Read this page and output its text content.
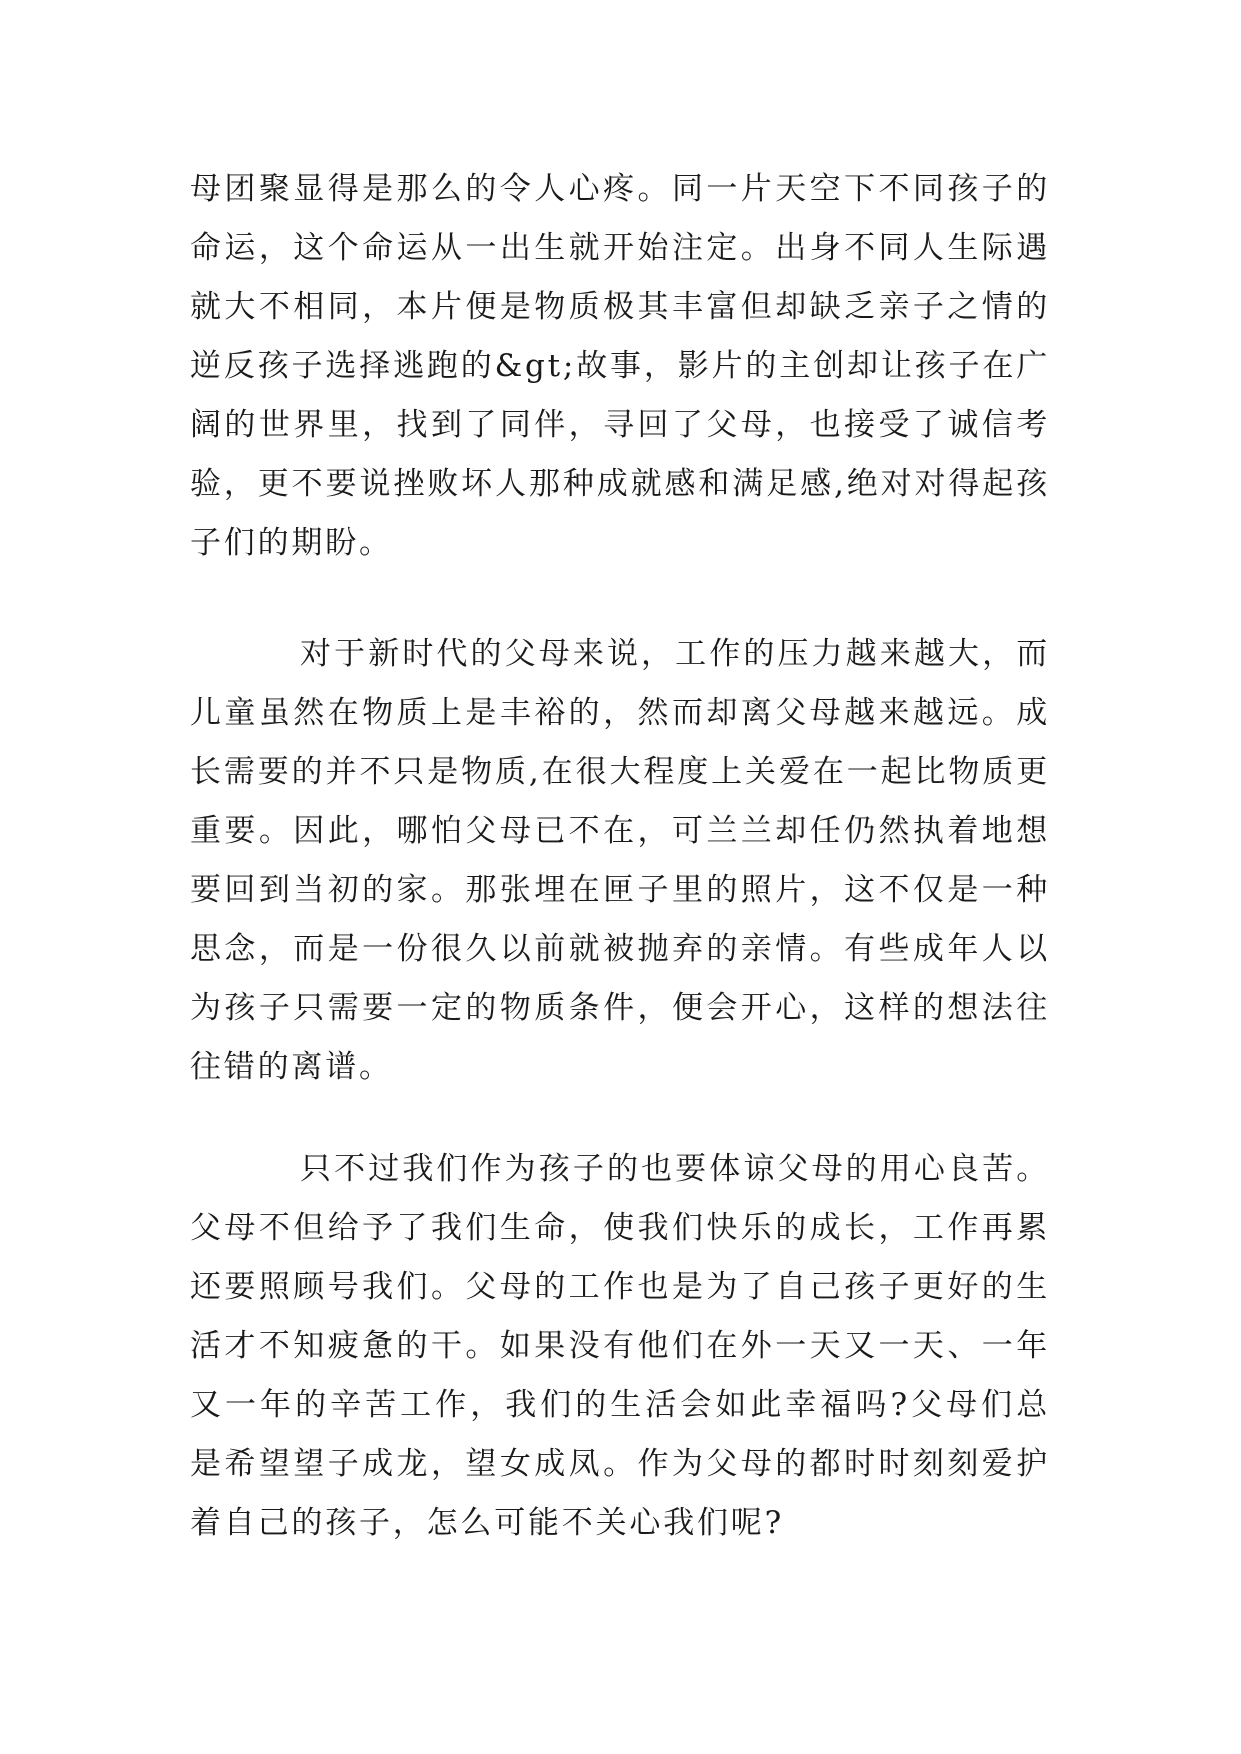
母团聚显得是那么的令人心疼。同一片天空下不同孩子的命运，这个命运从一出生就开始注定。出身不同人生际遇就大不相同，本片便是物质极其丰富但却缺乏亲子之情的逆反孩子选择逃跑的&gt;故事，影片的主创却让孩子在广阔的世界里，找到了同伴，寻回了父母，也接受了诚信考验，更不要说挫败坏人那种成就感和满足感,绝对对得起孩子们的期盼。

对于新时代的父母来说，工作的压力越来越大，而儿童虽然在物质上是丰裕的，然而却离父母越来越远。成长需要的并不只是物质,在很大程度上关爱在一起比物质更重要。因此，哪怕父母已不在，可兰兰却任仍然执着地想要回到当初的家。那张埋在匣子里的照片，这不仅是一种思念，而是一份很久以前就被抛弃的亲情。有些成年人以为孩子只需要一定的物质条件，便会开心，这样的想法往往错的离谱。

只不过我们作为孩子的也要体谅父母的用心良苦。父母不但给予了我们生命，使我们快乐的成长，工作再累还要照顾号我们。父母的工作也是为了自己孩子更好的生活才不知疲惫的干。如果没有他们在外一天又一天、一年又一年的辛苦工作，我们的生活会如此幸福吗?父母们总是希望望子成龙，望女成凤。作为父母的都时时刻刻爱护着自己的孩子，怎么可能不关心我们呢?
